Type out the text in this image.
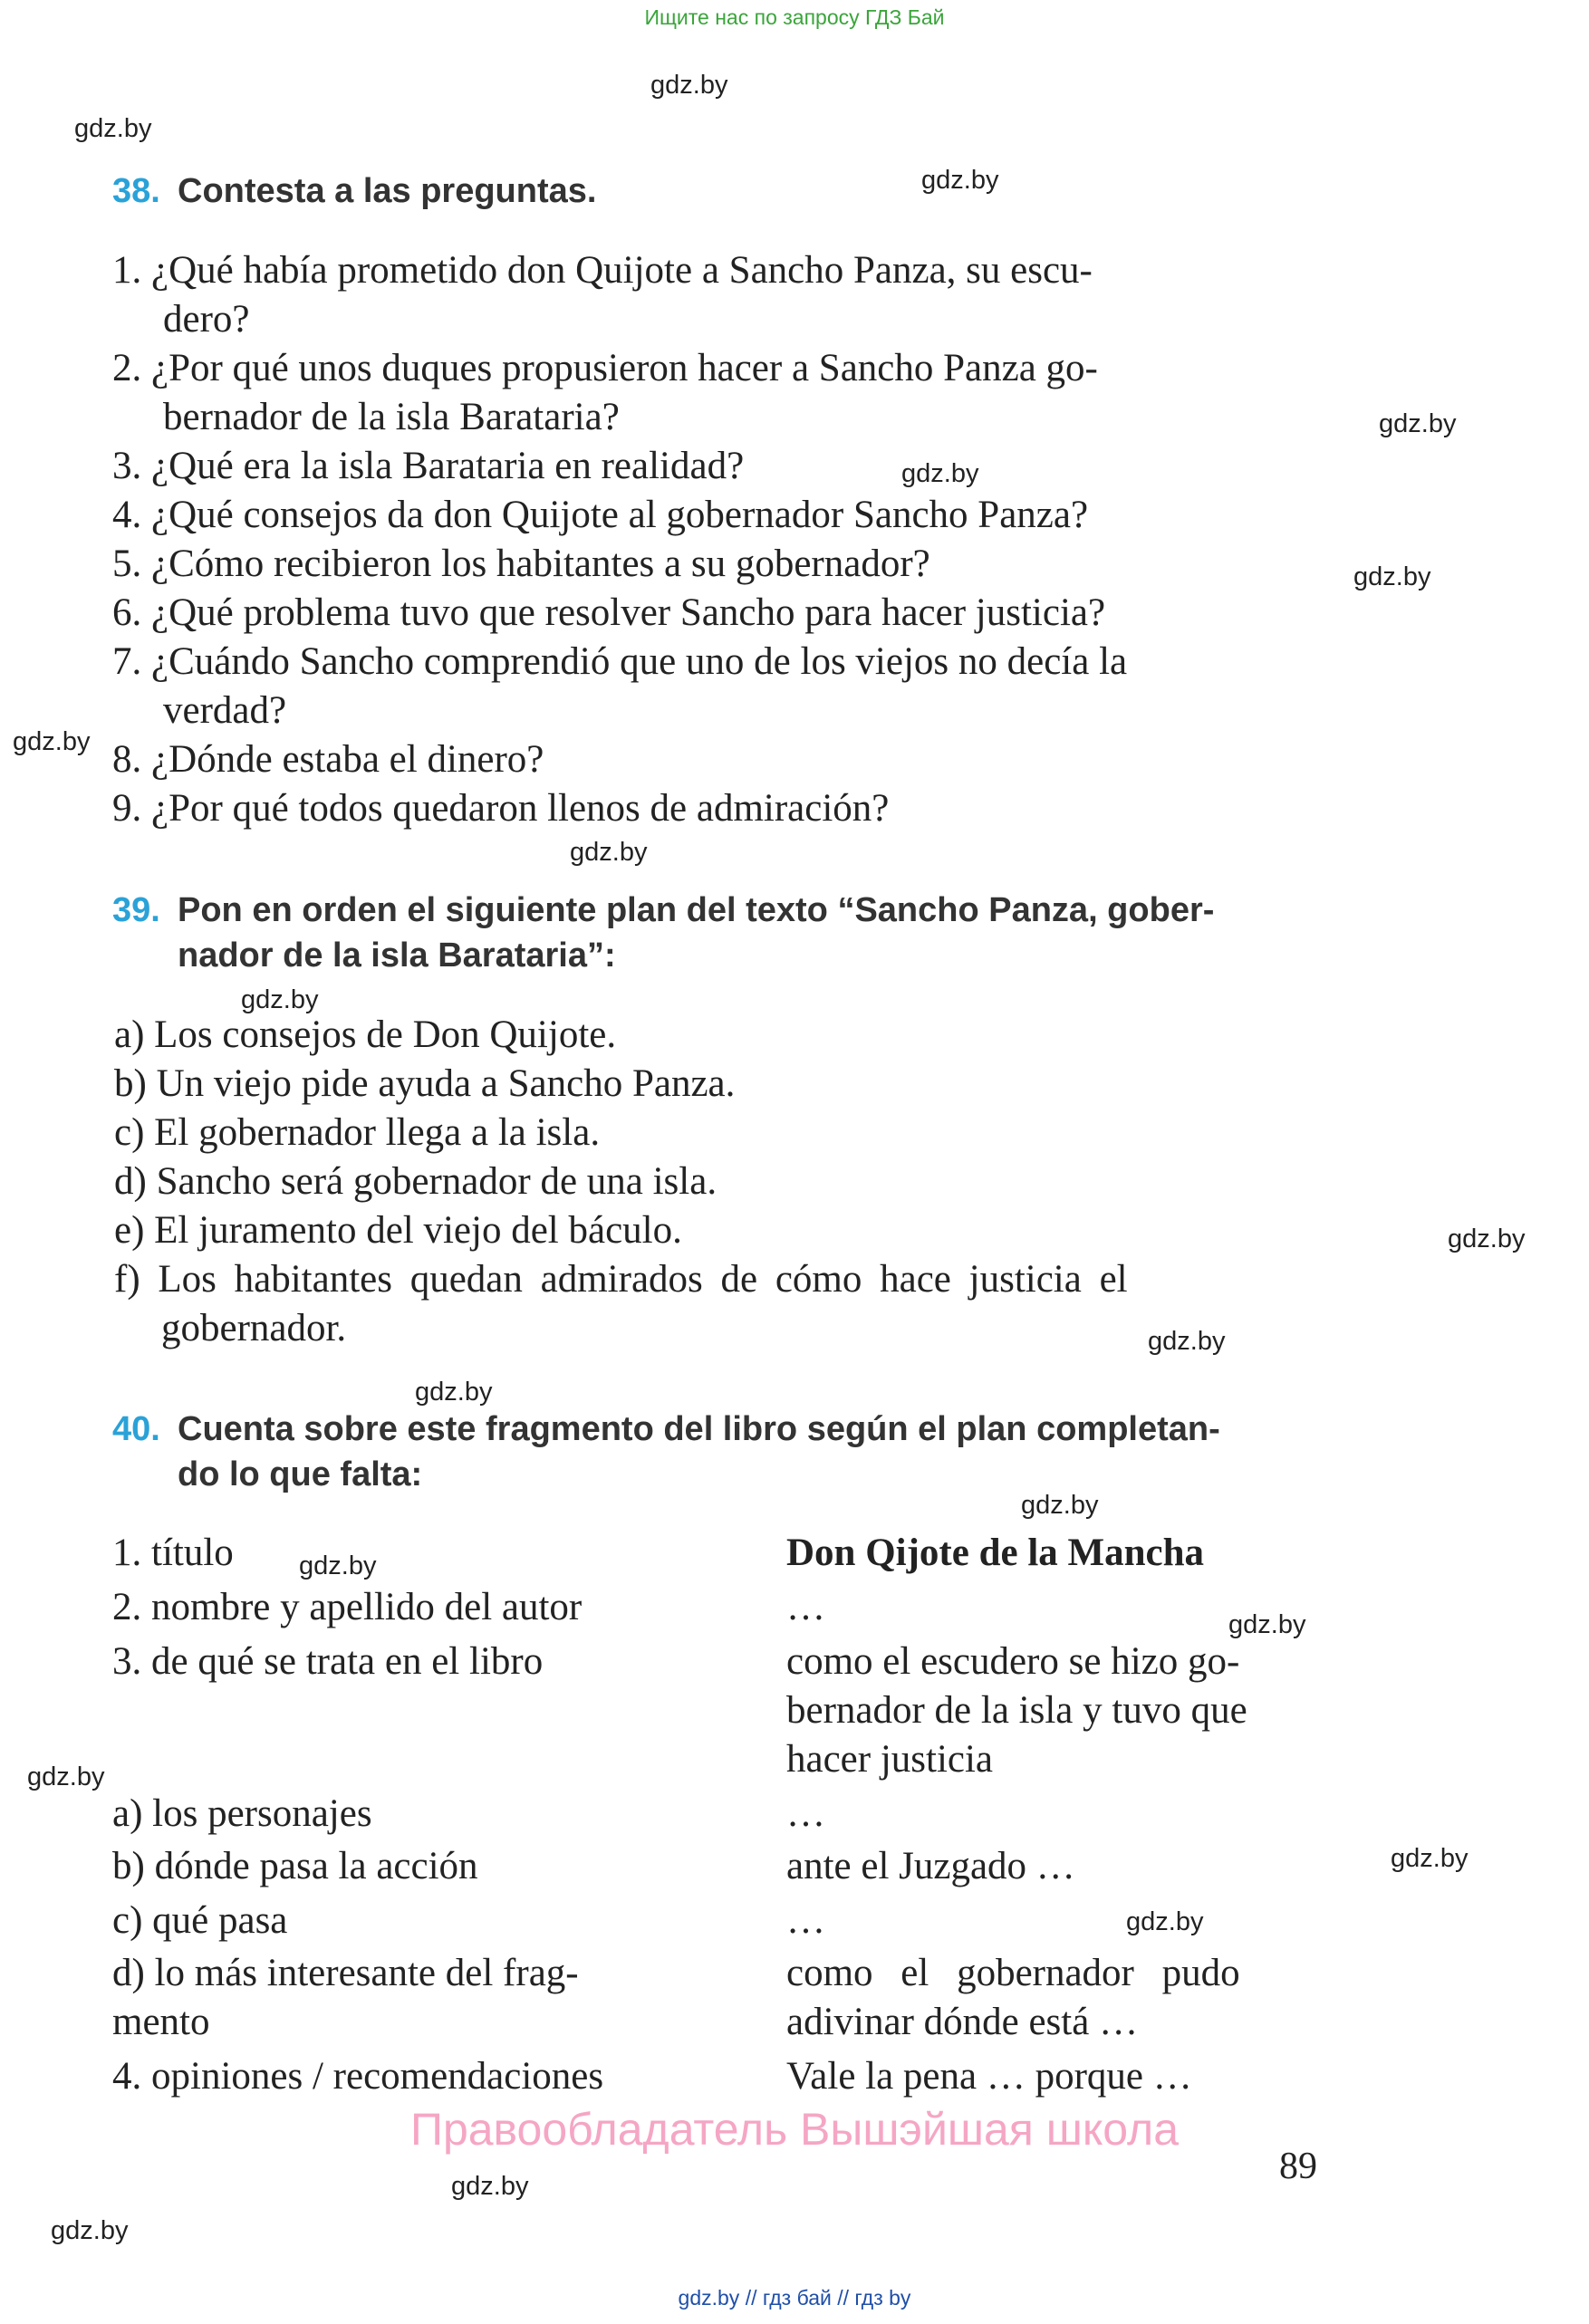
Ищите нас по запросу ГДЗ Бай
gdz.by
gdz.by
gdz.by
gdz.by
gdz.by
gdz.by
gdz.by
gdz.by
gdz.by
gdz.by
gdz.by
gdz.by
gdz.by
gdz.by
gdz.by
gdz.by
gdz.by
gdz.by
gdz.by
gdz.by
38. Contesta a las preguntas.
1. ¿Qué había prometido don Quijote a Sancho Panza, su escu-
dero?
2. ¿Por qué unos duques propusieron hacer a Sancho Panza go-
bernador de la isla Barataria?
3. ¿Qué era la isla Barataria en realidad?
4. ¿Qué consejos da don Quijote al gobernador Sancho Panza?
5. ¿Cómo recibieron los habitantes a su gobernador?
6. ¿Qué problema tuvo que resolver Sancho para hacer justicia?
7. ¿Cuándo Sancho comprendió que uno de los viejos no decía la
verdad?
8. ¿Dónde estaba el dinero?
9. ¿Por qué todos quedaron llenos de admiración?
39. Pon en orden el siguiente plan del texto “Sancho Panza, gober-
nador de la isla Barataria”:
a) Los consejos de Don Quijote.
b) Un viejo pide ayuda a Sancho Panza.
c) El gobernador llega a la isla.
d) Sancho será gobernador de una isla.
e) El juramento del viejo del báculo.
f) Los habitantes quedan admirados de cómo hace justicia el
gobernador.
40. Cuenta sobre este fragmento del libro según el plan completan-
do lo que falta:
1. título
2. nombre y apellido del autor
3. de qué se trata en el libro
a) los personajes
b) dónde pasa la acción
c) qué pasa
d) lo más interesante del frag-
mento
4. opiniones / recomendaciones
Don Qijote de la Mancha
…
como el escudero se hizo go-
bernador de la isla y tuvo que
hacer justicia
…
ante el Juzgado …
…
como el gobernador pudo
adivinar dónde está …
Vale la pena … porque …
Правообладатель Вышэйшая школа
89
gdz.by // гдз бай // гдз by
